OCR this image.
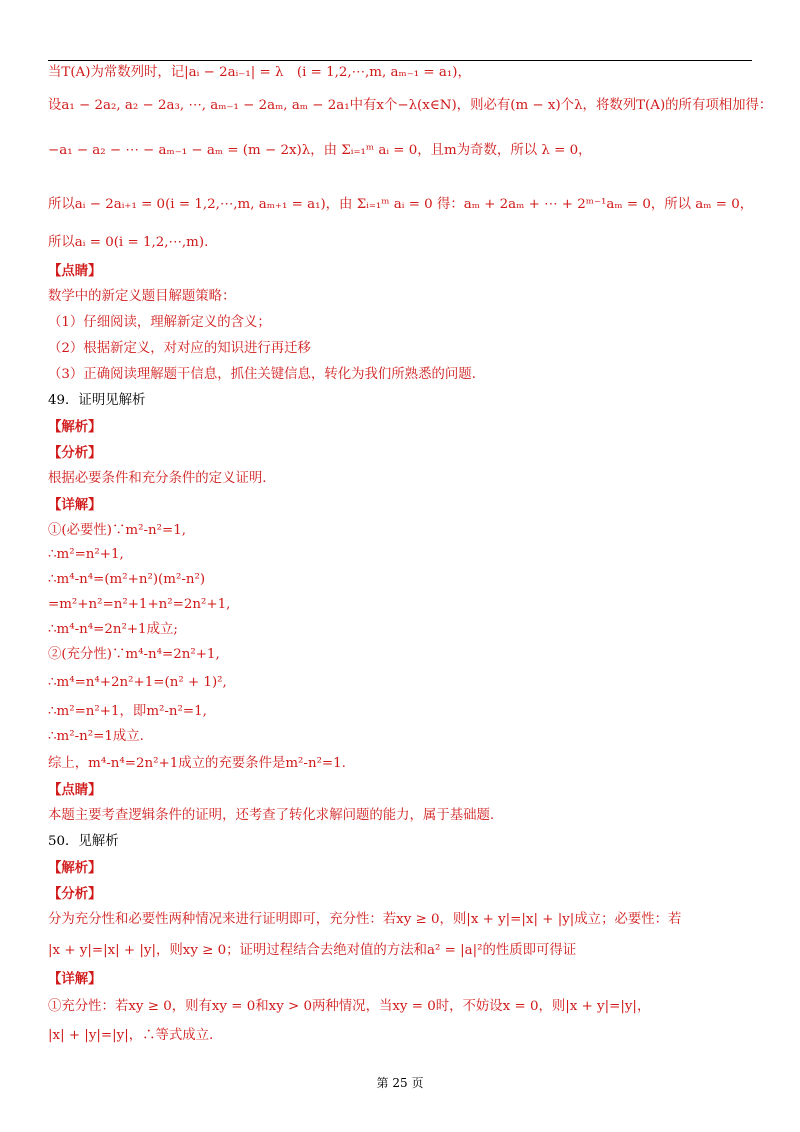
当T(A)为常数列时，记|aᵢ − 2aᵢ₋₁| = λ　(i = 1,2,⋯,m, aₘ₋₁ = a₁)，
设a₁ − 2a₂, a₂ − 2a₃, ⋯, aₘ₋₁ − 2aₘ, aₘ − 2a₁中有x个−λ(x∈N)，则必有(m − x)个λ，将数列T(A)的所有项相加得：
−a₁ − a₂ − ⋯ − aₘ₋₁ − aₘ = (m − 2x)λ，由 Σᵢ₌₁ᵐ aᵢ = 0，且m为奇数，所以 λ = 0，
所以aᵢ − 2aᵢ₊₁ = 0(i = 1,2,⋯,m, aₘ₊₁ = a₁)，由 Σᵢ₌₁ᵐ aᵢ = 0 得：aₘ + 2aₘ + ⋯ + 2ᵐ⁻¹aₘ = 0，所以 aₘ = 0，
所以aᵢ = 0(i = 1,2,⋯,m).
【点睛】
数学中的新定义题目解题策略：
（1）仔细阅读，理解新定义的含义；
（2）根据新定义，对对应的知识进行再迁移
（3）正确阅读理解题干信息，抓住关键信息，转化为我们所熟悉的问题.
49．证明见解析
【解析】
【分析】
根据必要条件和充分条件的定义证明.
【详解】
①(必要性)∵m²-n²=1,
∴m²=n²+1,
∴m⁴-n⁴=(m²+n²)(m²-n²)
=m²+n²=n²+1+n²=2n²+1,
∴m⁴-n⁴=2n²+1成立;
②(充分性)∵m⁴-n⁴=2n²+1,
∴m⁴=n⁴+2n²+1=(n² + 1)²,
∴m²=n²+1，即m²-n²=1,
∴m²-n²=1成立.
综上，m⁴-n⁴=2n²+1成立的充要条件是m²-n²=1.
【点睛】
本题主要考查逻辑条件的证明，还考查了转化求解问题的能力，属于基础题.
50．见解析
【解析】
【分析】
分为充分性和必要性两种情况来进行证明即可，充分性：若xy ≥ 0，则|x + y|=|x| + |y|成立；必要性：若
|x + y|=|x| + |y|，则xy ≥ 0；证明过程结合去绝对值的方法和a² = |a|²的性质即可得证
【详解】
①充分性：若xy ≥ 0，则有xy = 0和xy > 0两种情况，当xy = 0时，不妨设x = 0，则|x + y|=|y|，
|x| + |y|=|y|，∴等式成立.
第 25 页
